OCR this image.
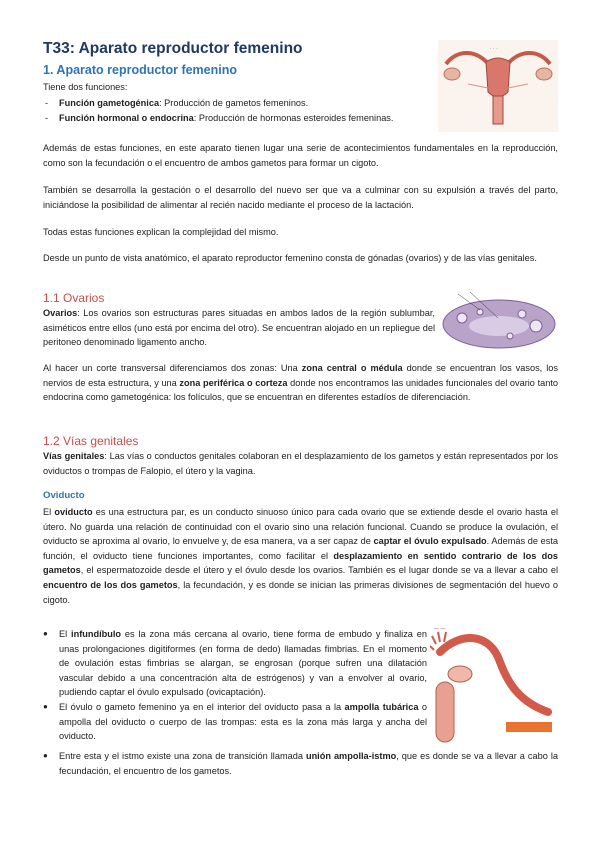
T33: Aparato reproductor femenino
1. Aparato reproductor femenino
· · ·
Tiene dos funciones:
- Función gametogénica: Producción de gametos femeninos.
- Función hormonal o endocrina: Producción de hormonas esteroides femeninas.
Además de estas funciones, en este aparato tienen lugar una serie de acontecimientos fundamentales en la reproducción, como son la fecundación o el encuentro de ambos gametos para formar un cigoto.
También se desarrolla la gestación o el desarrollo del nuevo ser que va a culminar con su expulsión a través del parto, iniciándose la posibilidad de alimentar al recién nacido mediante el proceso de la lactación.
Todas estas funciones explican la complejidad del mismo.
Desde un punto de vista anatómico, el aparato reproductor femenino consta de gónadas (ovarios) y de las vías genitales.
1.1 Ovarios
Ovarios: Los ovarios son estructuras pares situadas en ambos lados de la región sublumbar, asiméticos entre ellos (uno está por encima del otro). Se encuentran alojado en un repliegue del peritoneo denominado ligamento ancho.
Al hacer un corte transversal diferenciamos dos zonas: Una zona central o médula donde se encuentran los vasos, los nervios de esta estructura, y una zona periférica o corteza donde nos encontramos las unidades funcionales del ovario tanto endocrina como gametogénica: los folículos, que se encuentran en diferentes estadíos de diferenciación.
1.2 Vías genitales
Vías genitales: Las vías o conductos genitales colaboran en el desplazamiento de los gametos y están representados por los oviductos o trompas de Falopio, el útero y la vagina.
Oviducto
El oviducto es una estructura par, es un conducto sinuoso único para cada ovario que se extiende desde el ovario hasta el útero. No guarda una relación de continuidad con el ovario sino una relación funcional. Cuando se produce la ovulación, el oviducto se aproxima al ovario, lo envuelve y, de esa manera, va a ser capaz de captar el óvulo expulsado. Además de esta función, el oviducto tiene funciones importantes, como facilitar el desplazamiento en sentido contrario de los dos gametos, el espermatozoide desde el útero y el óvulo desde los ovarios. También es el lugar donde se va a llevar a cabo el encuentro de los dos gametos, la fecundación, y es donde se inician las primeras divisiones de segmentación del huevo o cigoto.
— —
● El infundíbulo es la zona más cercana al ovario, tiene forma de embudo y finaliza en unas prolongaciones digitiformes (en forma de dedo) llamadas fimbrias. En el momento de ovulación estas fimbrias se alargan, se engrosan (porque sufren una dilatación vascular debido a una concentración alta de estrógenos) y van a envolver al ovario, pudiendo captar el óvulo expulsado (ovicaptación).
● El óvulo o gameto femenino ya en el interior del oviducto pasa a la ampolla tubárica o ampolla del oviducto o cuerpo de las trompas: esta es la zona más larga y ancha del oviducto.
● Entre esta y el istmo existe una zona de transición llamada unión ampolla-istmo, que es donde se va a llevar a cabo la fecundación, el encuentro de los gametos.
